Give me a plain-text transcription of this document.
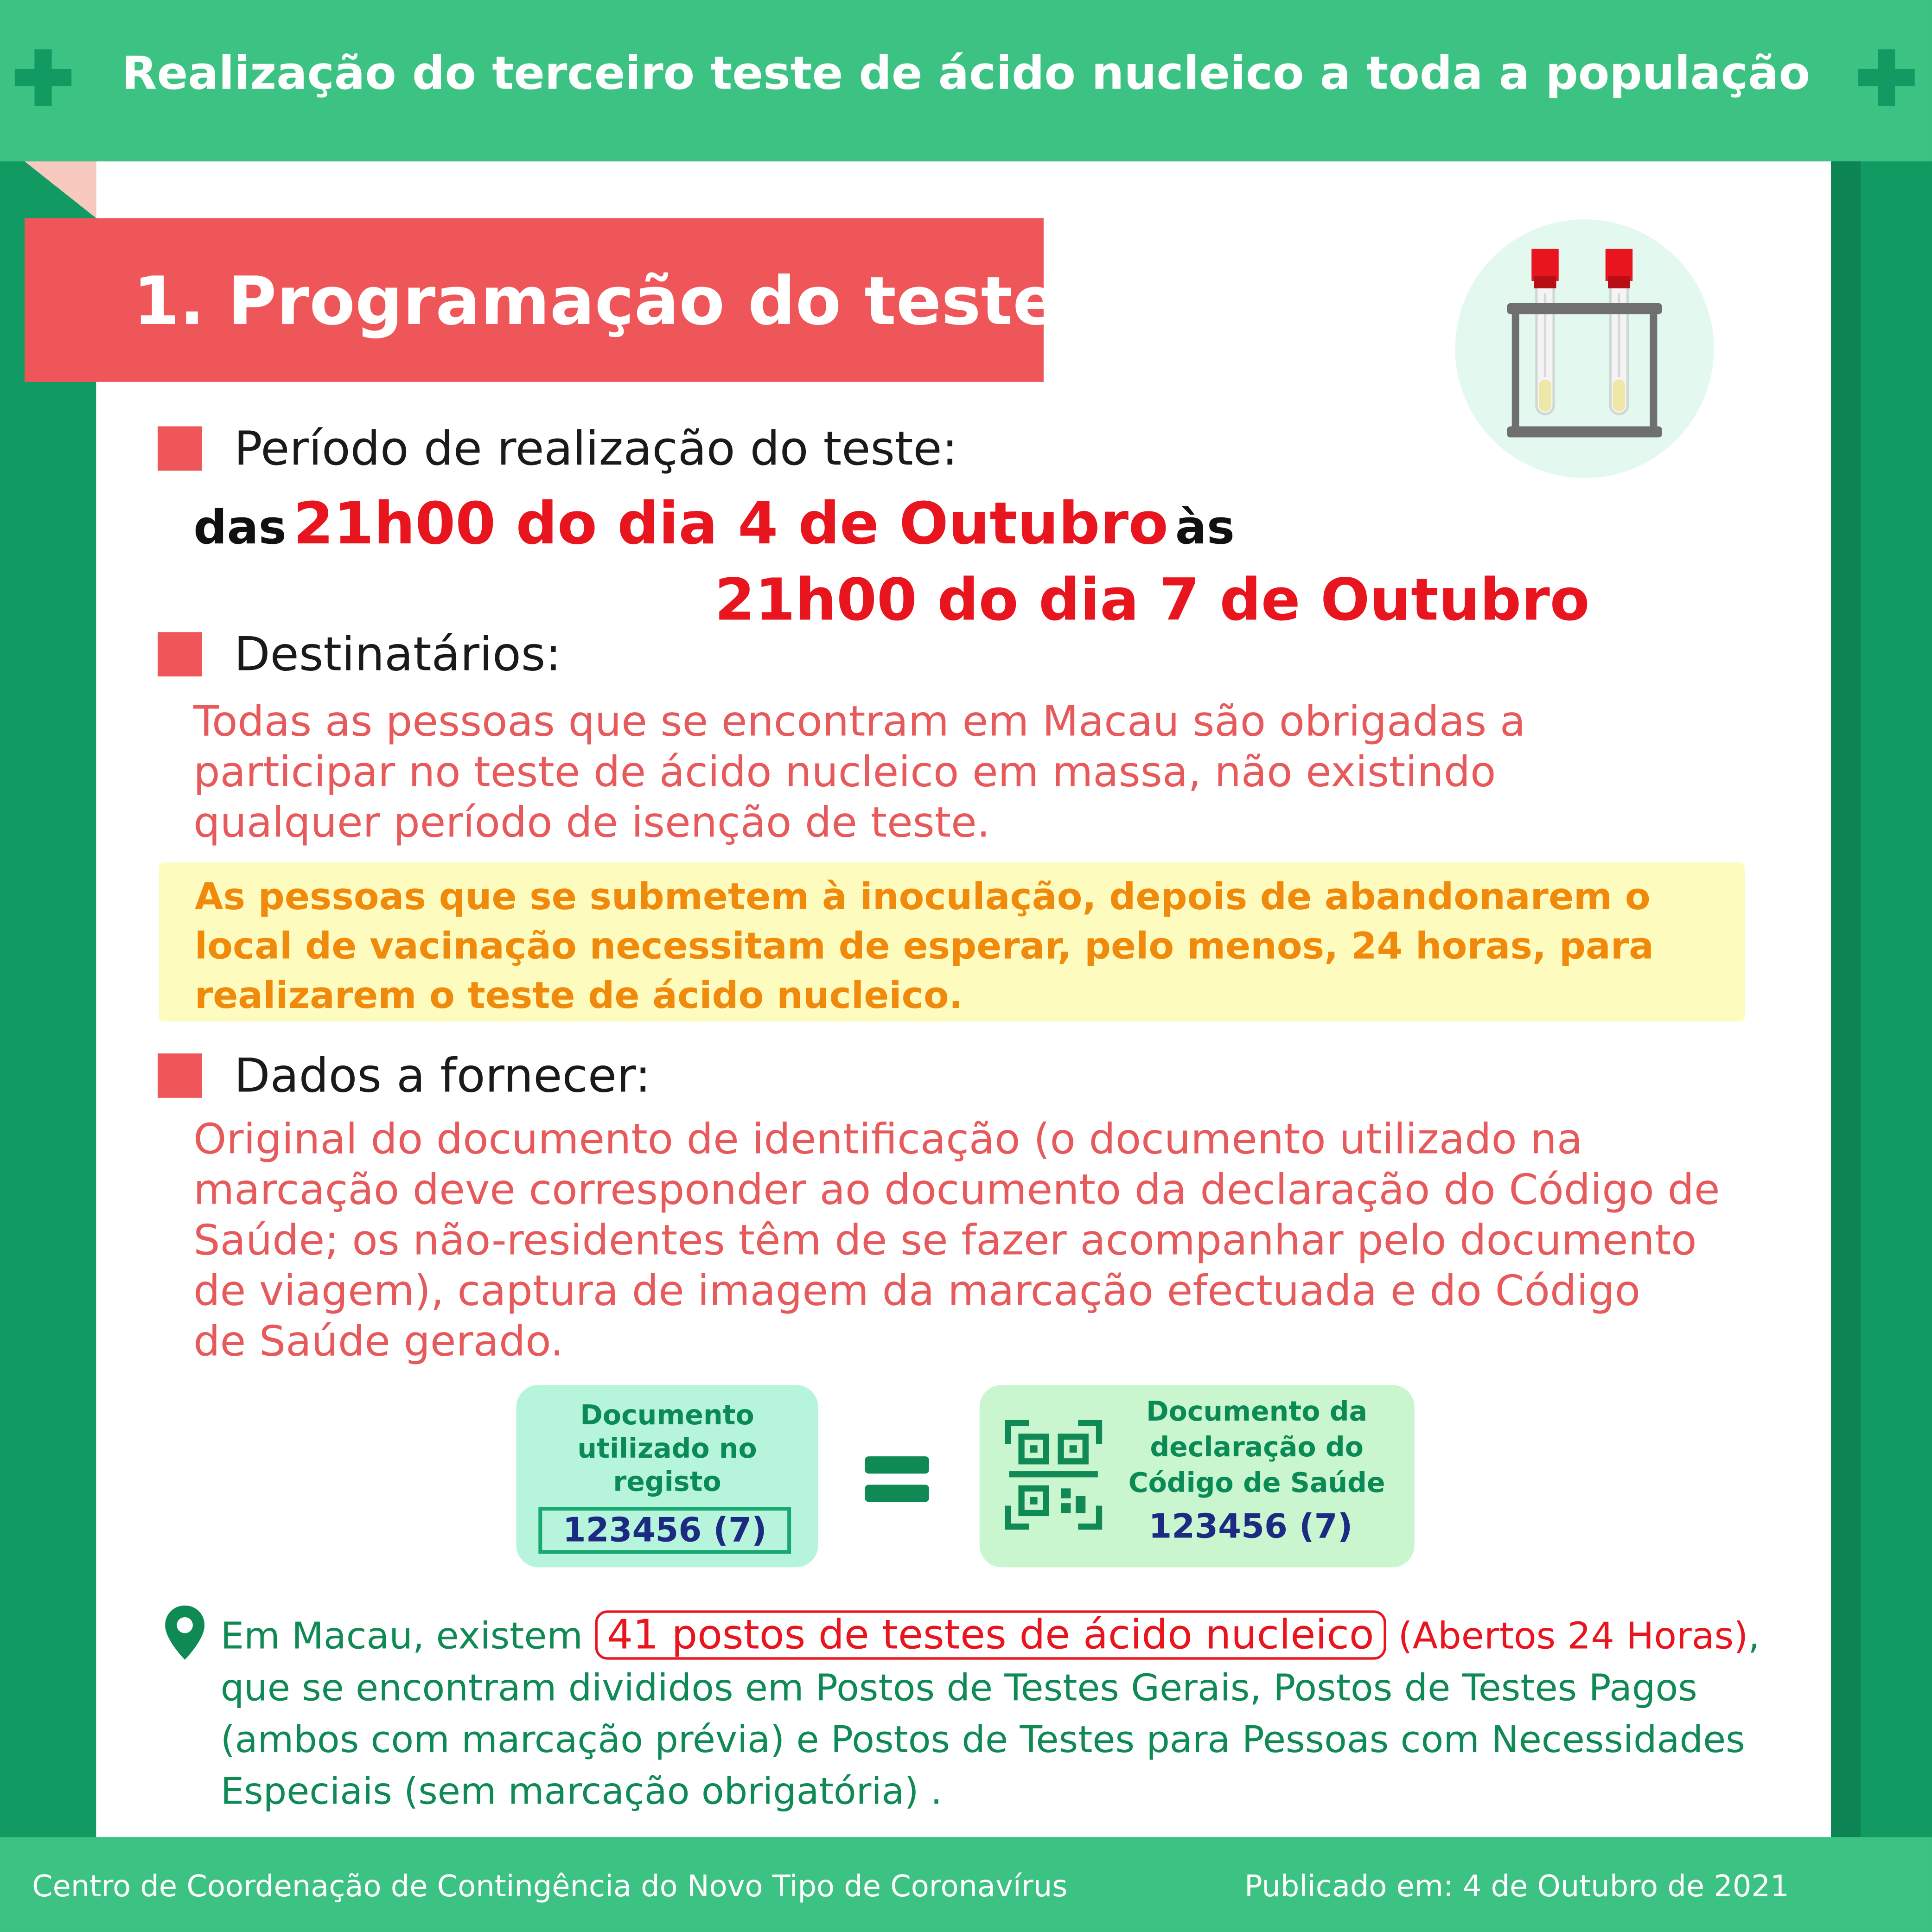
Realização do terceiro teste de ácido nucleico a toda a população
1. Programação do teste
Período de realização do teste:
das 21h00 do dia 4 de Outubro às
21h00 do dia 7 de Outubro
Destinatários:
Todas as pessoas que se encontram em Macau são obrigadas a
participar no teste de ácido nucleico em massa, não existindo
qualquer período de isenção de teste.
As pessoas que se submetem à inoculação, depois de abandonarem o
local de vacinação necessitam de esperar, pelo menos, 24 horas, para
realizarem o teste de ácido nucleico.
Dados a fornecer:
Original do documento de identificação (o documento utilizado na
marcação deve corresponder ao documento da declaração do Código de
Saúde; os não-residentes têm de se fazer acompanhar pelo documento
de viagem), captura de imagem da marcação efectuada e do Código
de Saúde gerado.
Documento
utilizado no
registo
123456 (7)
Documento da
declaração do
Código de Saúde
123456 (7)
Em Macau, existem 41 postos de testes de ácido nucleico (Abertos 24 Horas),
que se encontram divididos em Postos de Testes Gerais, Postos de Testes Pagos
(ambos com marcação prévia) e Postos de Testes para Pessoas com Necessidades
Especiais (sem marcação obrigatória) .
Centro de Coordenação de Contingência do Novo Tipo de Coronavírus	Publicado em: 4 de Outubro de 2021
